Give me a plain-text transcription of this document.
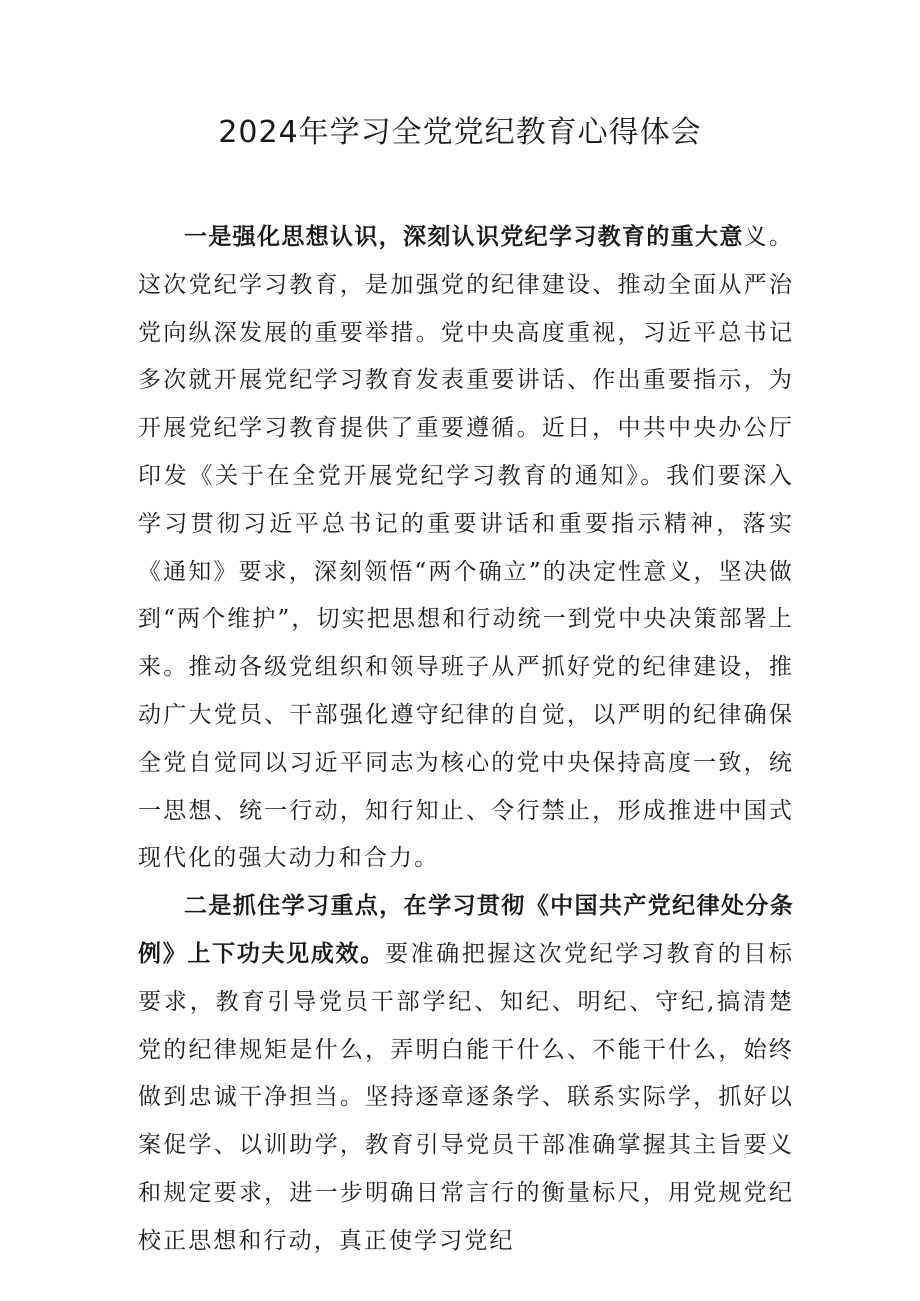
2024年学习全党党纪教育心得体会

一是强化思想认识，深刻认识党纪学习教育的重大意义。这次党纪学习教育，是加强党的纪律建设、推动全面从严治党向纵深发展的重要举措。党中央高度重视，习近平总书记多次就开展党纪学习教育发表重要讲话、作出重要指示，为开展党纪学习教育提供了重要遵循。近日，中共中央办公厅印发《关于在全党开展党纪学习教育的通知》。我们要深入学习贯彻习近平总书记的重要讲话和重要指示精神，落实《通知》要求，深刻领悟“两个确立”的决定性意义，坚决做到“两个维护”，切实把思想和行动统一到党中央决策部署上来。推动各级党组织和领导班子从严抓好党的纪律建设，推动广大党员、干部强化遵守纪律的自觉，以严明的纪律确保全党自觉同以习近平同志为核心的党中央保持高度一致，统一思想、统一行动，知行知止、令行禁止，形成推进中国式现代化的强大动力和合力。

二是抓住学习重点，在学习贯彻《中国共产党纪律处分条例》上下功夫见成效。要准确把握这次党纪学习教育的目标要求，教育引导党员干部学纪、知纪、明纪、守纪,搞清楚党的纪律规矩是什么，弄明白能干什么、不能干什么，始终做到忠诚干净担当。坚持逐章逐条学、联系实际学，抓好以案促学、以训助学，教育引导党员干部准确掌握其主旨要义和规定要求，进一步明确日常言行的衡量标尺，用党规党纪校正思想和行动，真正使学习党纪
